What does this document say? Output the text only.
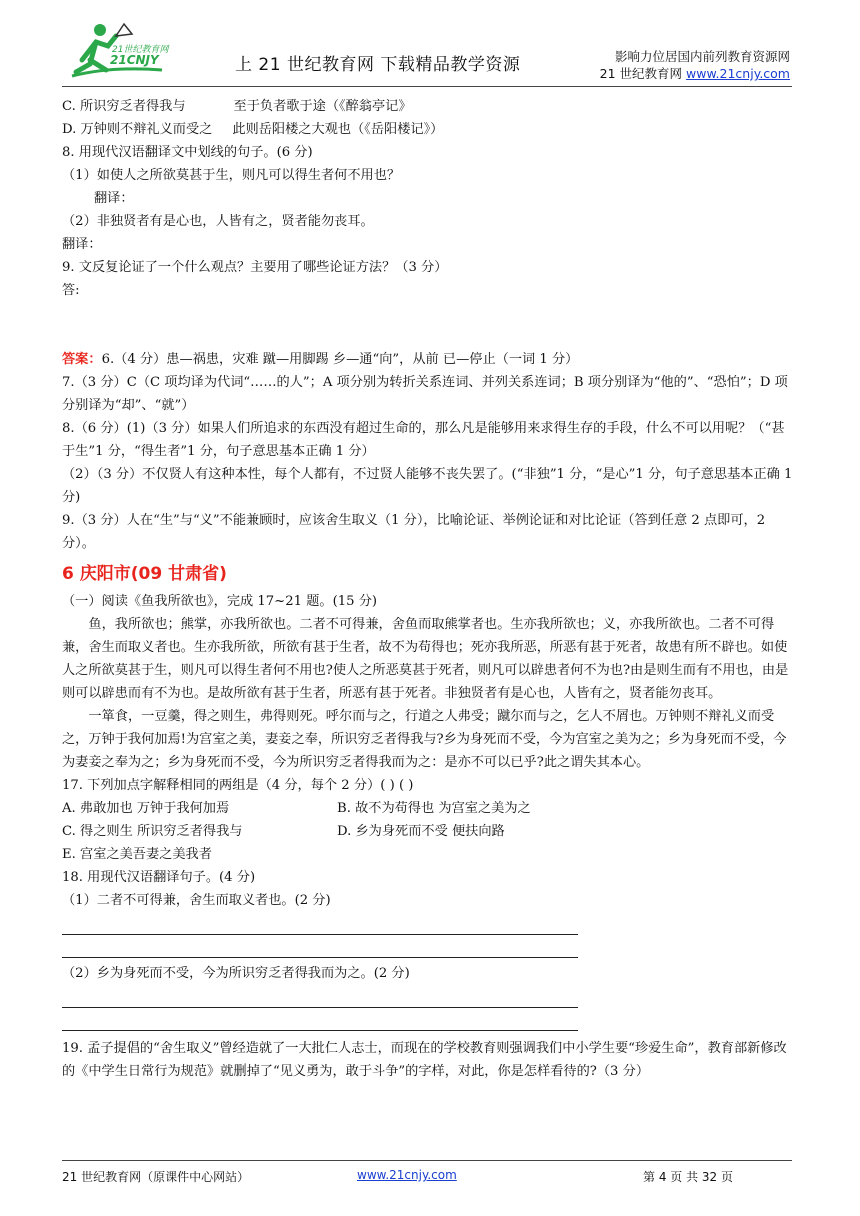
21世纪教育网
21CNJY	上 21 世纪教育网 下载精品教学资源	影响力位居国内前列教育资源网
21 世纪教育网 www.21cnjy.com

C. 所识穷乏者得我与	至于负者歌于途（《醉翁亭记》

D. 万钟则不辩礼义而受之 此则岳阳楼之大观也（《岳阳楼记》）

8. 用现代汉语翻译文中划线的句子。(6 分)

（1）如使人之所欲莫甚于生，则凡可以得生者何不用也？

翻译：

（2）非独贤者有是心也，人皆有之，贤者能勿丧耳。

翻译：

9. 文反复论证了一个什么观点？主要用了哪些论证方法？（3 分）

答:

答案：6.（4 分）患—祸患，灾难 蹴—用脚踢 乡—通“向”，从前 已—停止（一词 1 分）

7.（3 分）C（C 项均译为代词“……的人”；A 项分别为转折关系连词、并列关系连词；B 项分别译为“他的”、“恐怕”；D 项分别译为“却”、“就”）

8.（6 分）(1)（3 分）如果人们所追求的东西没有超过生命的，那么凡是能够用来求得生存的手段，什么不可以用呢？（“甚于生”1 分，“得生者”1 分，句子意思基本正确 1 分）

（2）（3 分）不仅贤人有这种本性，每个人都有，不过贤人能够不丧失罢了。(“非独”1 分，“是心”1 分，句子意思基本正确 1 分)

9.（3 分）人在“生”与“义”不能兼顾时，应该舍生取义（1 分），比喻论证、举例论证和对比论证（答到任意 2 点即可，2 分）。

6 庆阳市(09 甘肃省)

（一）阅读《鱼我所欲也》，完成 17~21 题。(15 分)

鱼，我所欲也；熊掌，亦我所欲也。二者不可得兼，舍鱼而取熊掌者也。生亦我所欲也；义，亦我所欲也。二者不可得兼，舍生而取义者也。生亦我所欲，所欲有甚于生者，故不为苟得也；死亦我所恶，所恶有甚于死者，故患有所不辟也。如使人之所欲莫甚于生，则凡可以得生者何不用也?使人之所恶莫甚于死者，则凡可以辟患者何不为也?由是则生而有不用也，由是则可以辟患而有不为也。是故所欲有甚于生者，所恶有甚于死者。非独贤者有是心也，人皆有之，贤者能勿丧耳。

一箪食，一豆羹，得之则生，弗得则死。呼尔而与之，行道之人弗受；蹴尔而与之，乞人不屑也。万钟则不辩礼义而受之，万钟于我何加焉!为宫室之美，妻妾之奉，所识穷乏者得我与?乡为身死而不受，今为宫室之美为之；乡为身死而不受，今为妻妾之奉为之；乡为身死而不受，今为所识穷乏者得我而为之：是亦不可以已乎?此之谓失其本心。

17. 下列加点字解释相同的两组是（4 分，每个 2 分）( ) ( )

A. 弗敢加也 万钟于我何加焉	B. 故不为苟得也 为宫室之美为之

C. 得之则生 所识穷乏者得我与	D. 乡为身死而不受 便扶向路

E. 宫室之美吾妻之美我者

18. 用现代汉语翻译句子。(4 分)

（1）二者不可得兼，舍生而取义者也。(2 分)

（2）乡为身死而不受，今为所识穷乏者得我而为之。(2 分)

19. 孟子提倡的“舍生取义”曾经造就了一大批仁人志士，而现在的学校教育则强调我们中小学生要“珍爱生命”，教育部新修改的《中学生日常行为规范》就删掉了“见义勇为，敢于斗争”的字样，对此，你是怎样看待的?（3 分）

21 世纪教育网（原课件中心网站）	www.21cnjy.com	第 4 页 共 32 页
